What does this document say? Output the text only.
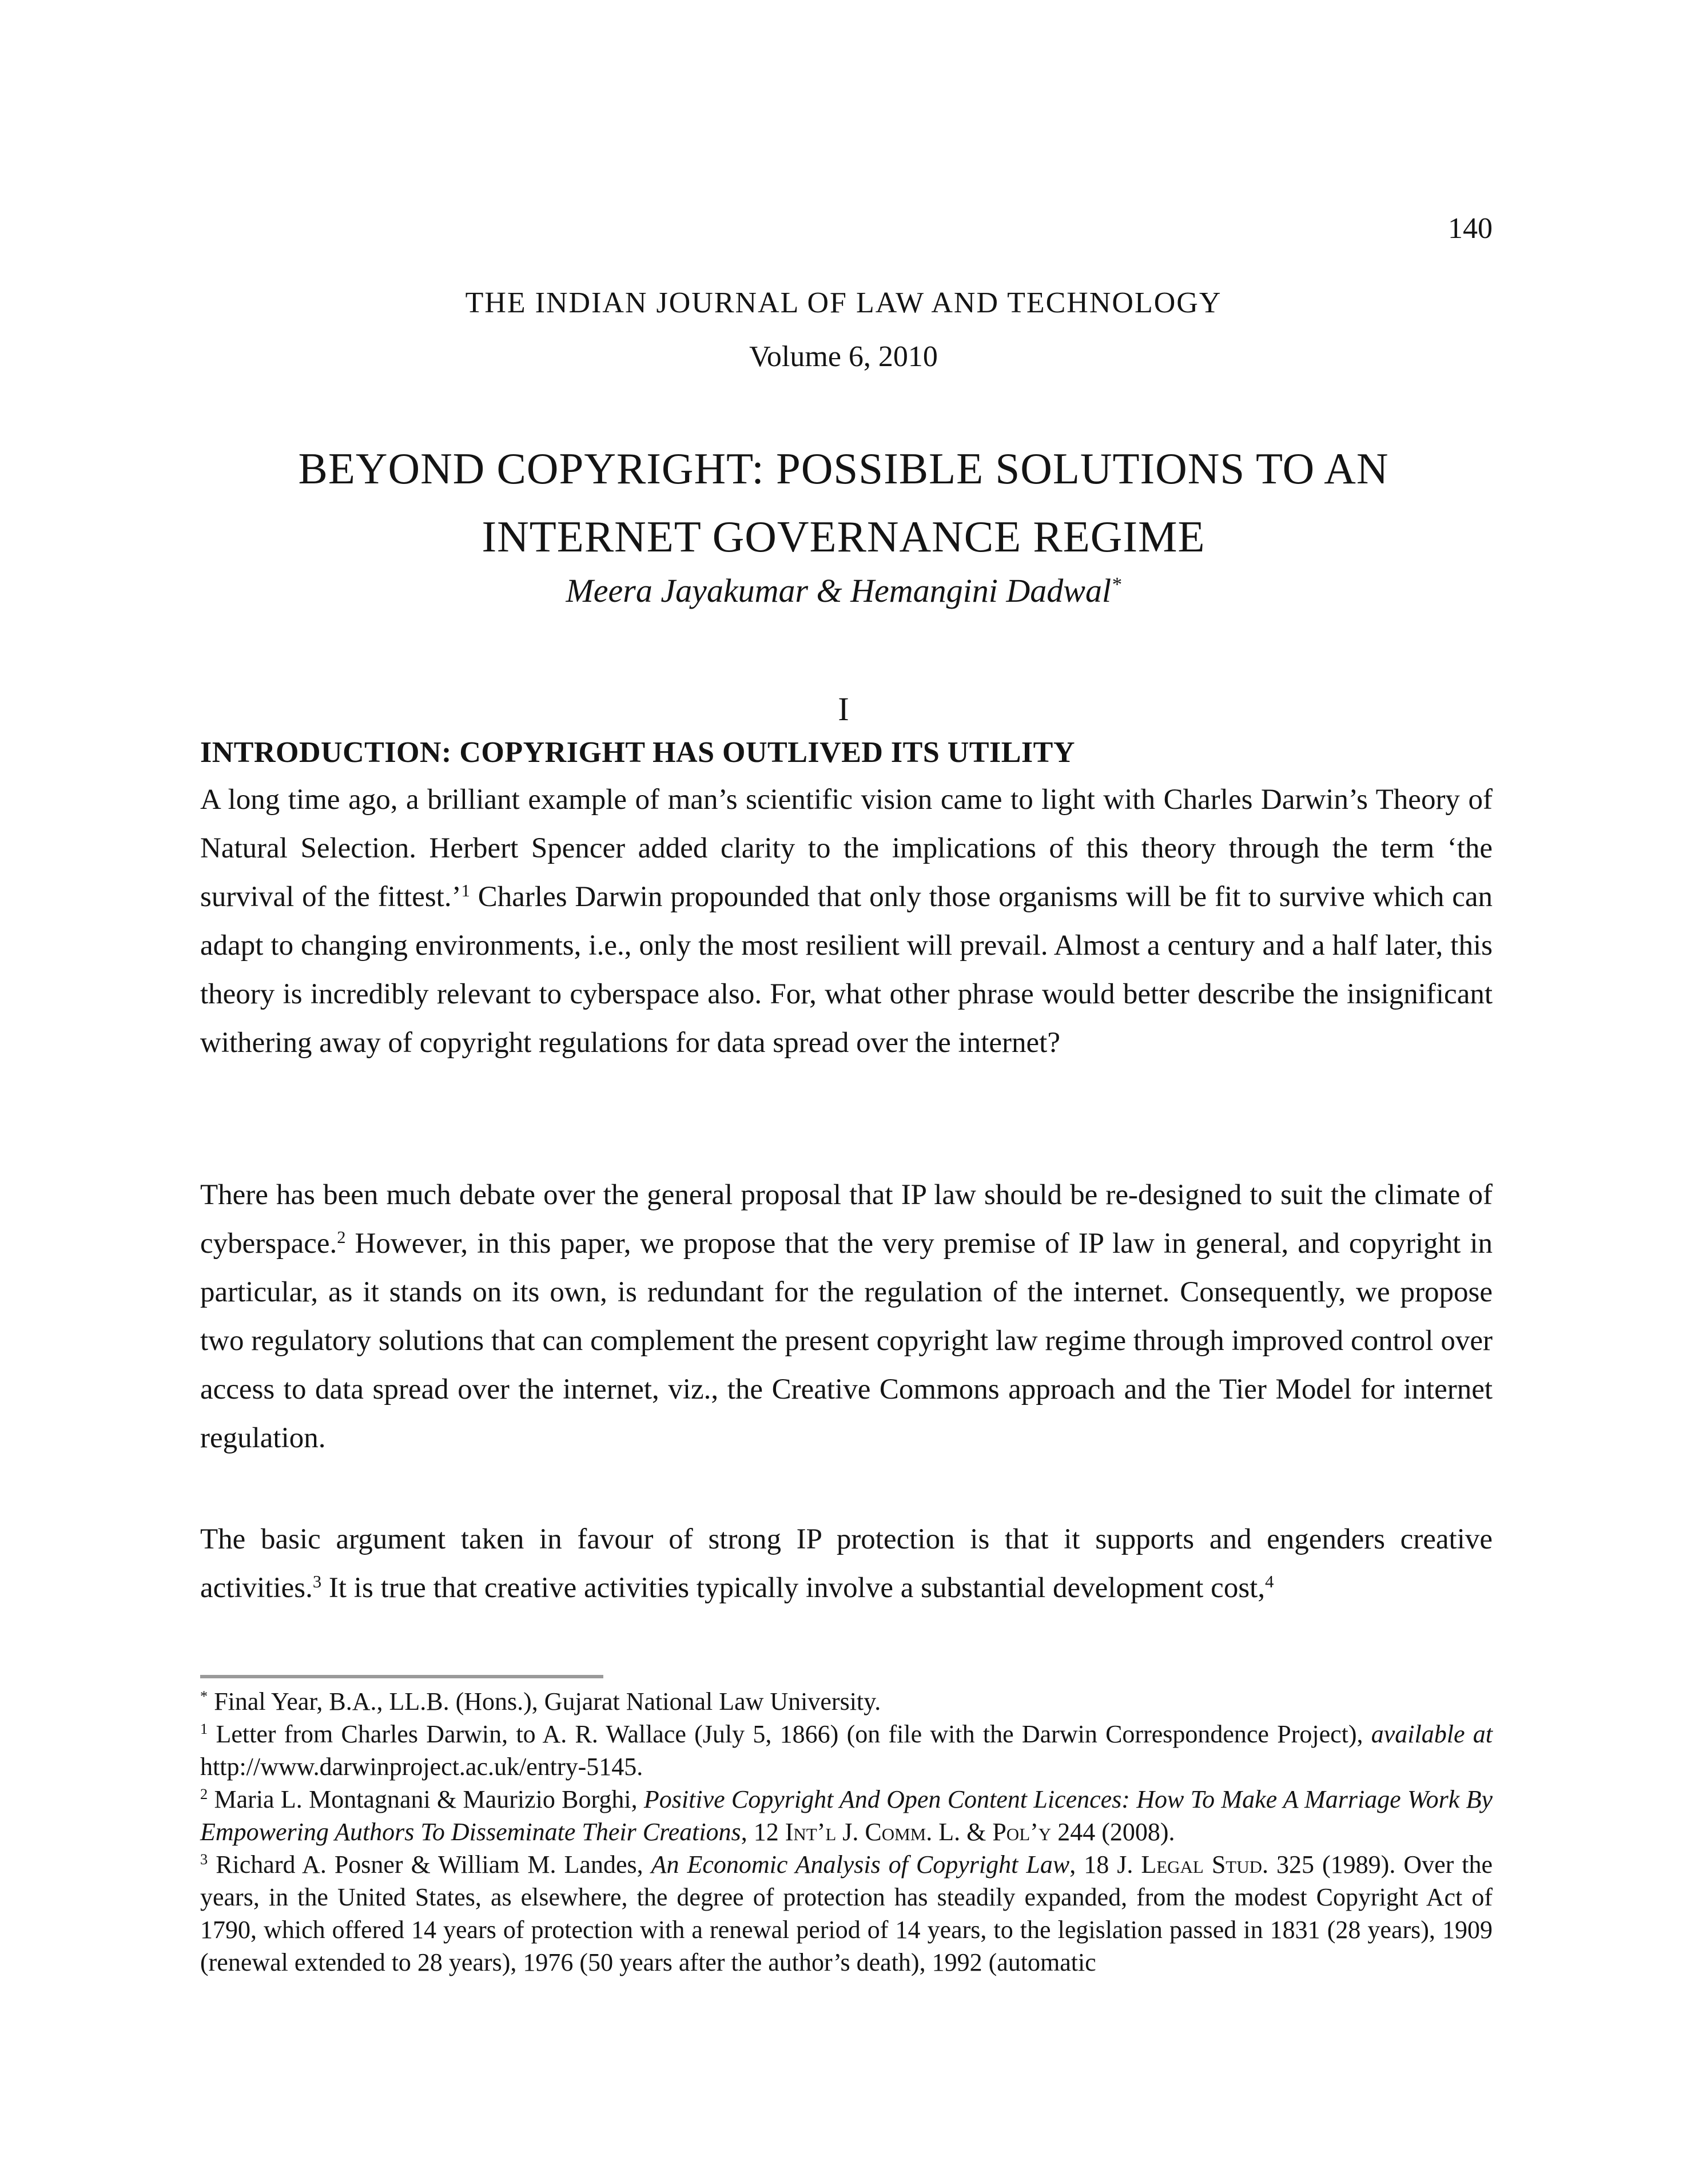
140
THE INDIAN JOURNAL OF LAW AND TECHNOLOGY
Volume 6, 2010
BEYOND COPYRIGHT: POSSIBLE SOLUTIONS TO AN
INTERNET GOVERNANCE REGIME
Meera Jayakumar & Hemangini Dadwal*
I
INTRODUCTION: COPYRIGHT HAS OUTLIVED ITS UTILITY

A long time ago, a brilliant example of man’s scientific vision came to light with Charles Darwin’s Theory of Natural Selection. Herbert Spencer added clarity to the implications of this theory through the term ‘the survival of the fittest.’$^1$ Charles Darwin propounded that only those organisms will be fit to survive which can adapt to changing environments, i.e., only the most resilient will prevail. Almost a century and a half later, this theory is incredibly relevant to cyberspace also. For, what other phrase would better describe the insignificant withering away of copyright regulations for data spread over the internet?

There has been much debate over the general proposal that IP law should be re-designed to suit the climate of cyberspace.$^2$ However, in this paper, we propose that the very premise of IP law in general, and copyright in particular, as it stands on its own, is redundant for the regulation of the internet. Consequently, we propose two regulatory solutions that can complement the present copyright law regime through improved control over access to data spread over the internet, viz., the Creative Commons approach and the Tier Model for internet regulation.

The basic argument taken in favour of strong IP protection is that it supports and engenders creative activities.$^3$ It is true that creative activities typically involve a substantial development cost,$^4$

* Final Year, B.A., LL.B. (Hons.), Gujarat National Law University.

$^1$ Letter from Charles Darwin, to A. R. Wallace (July 5, 1866) (on file with the Darwin Correspondence Project), available at http://www.darwinproject.ac.uk/entry-5145.

$^2$ Maria L. Montagnani & Maurizio Borghi, Positive Copyright And Open Content Licences: How To Make A Marriage Work By Empowering Authors To Disseminate Their Creations, 12 Int’l J. Comm. L. & Pol’y 244 (2008).

$^3$ Richard A. Posner & William M. Landes, An Economic Analysis of Copyright Law, 18 J. Legal Stud. 325 (1989). Over the years, in the United States, as elsewhere, the degree of protection has steadily expanded, from the modest Copyright Act of 1790, which offered 14 years of protection with a renewal period of 14 years, to the legislation passed in 1831 (28 years), 1909 (renewal extended to 28 years), 1976 (50 years after the author’s death), 1992 (automatic
